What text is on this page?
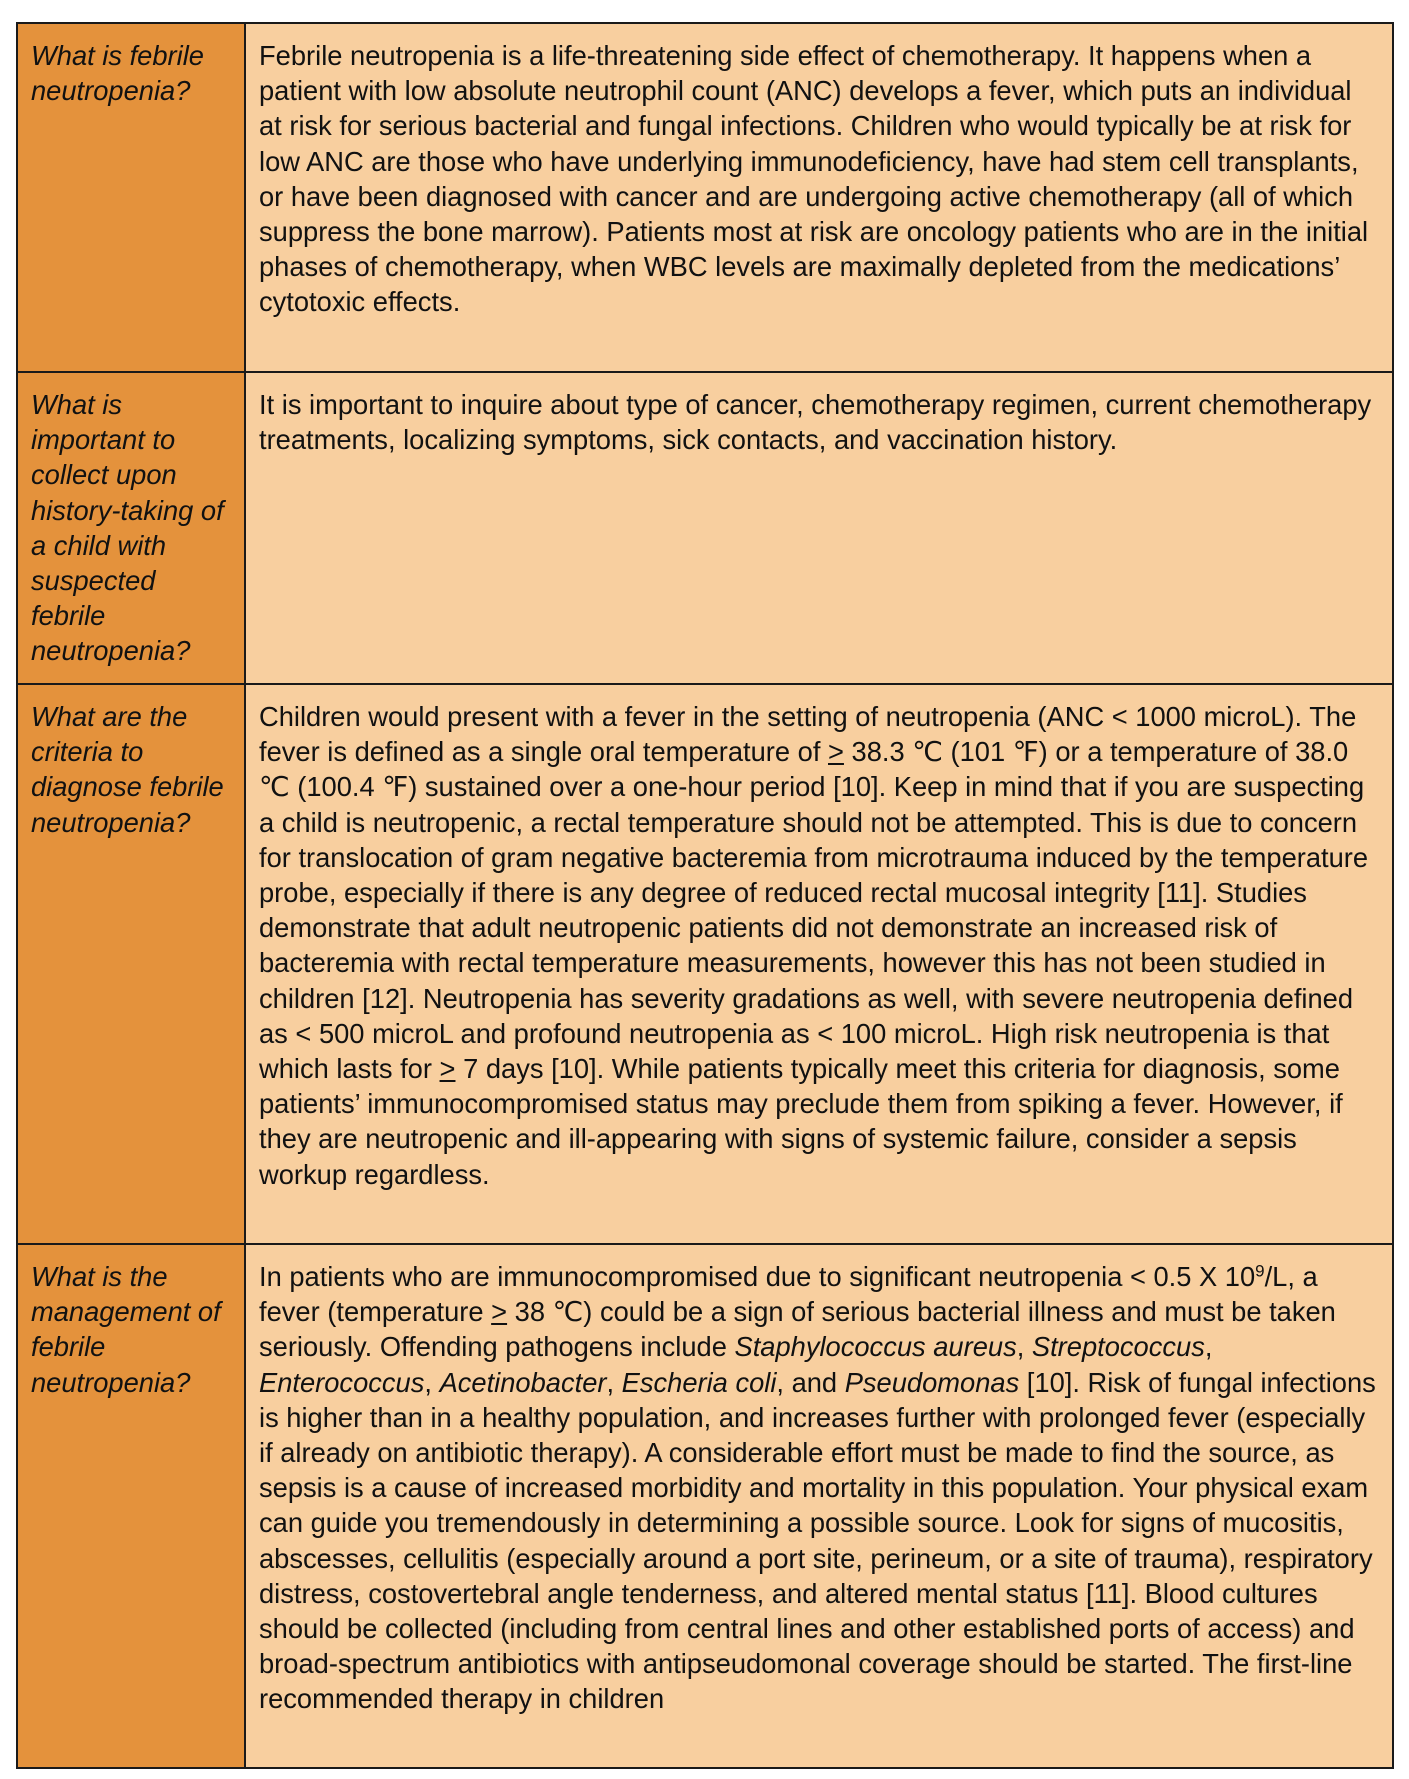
What is febrile neutropenia?	Febrile neutropenia is a life-threatening side effect of chemotherapy. It happens when a patient with low absolute neutrophil count (ANC) develops a fever, which puts an individual at risk for serious bacterial and fungal infections. Children who would typically be at risk for low ANC are those who have underlying immunodeficiency, have had stem cell transplants, or have been diagnosed with cancer and are undergoing active chemotherapy (all of which suppress the bone marrow). Patients most at risk are oncology patients who are in the initial phases of chemotherapy, when WBC levels are maximally depleted from the medications’ cytotoxic effects.

What is important to collect upon history-taking of a child with suspected febrile neutropenia?	It is important to inquire about type of cancer, chemotherapy regimen, current chemotherapy treatments, localizing symptoms, sick contacts, and vaccination history.

What are the criteria to diagnose febrile neutropenia?	Children would present with a fever in the setting of neutropenia (ANC < 1000 microL). The fever is defined as a single oral temperature of ≥ 38.3 ℃ (101 ℉) or a temperature of 38.0 ℃ (100.4 ℉) sustained over a one-hour period [10]. Keep in mind that if you are suspecting a child is neutropenic, a rectal temperature should not be attempted. This is due to concern for translocation of gram negative bacteremia from microtrauma induced by the temperature probe, especially if there is any degree of reduced rectal mucosal integrity [11]. Studies demonstrate that adult neutropenic patients did not demonstrate an increased risk of bacteremia with rectal temperature measurements, however this has not been studied in children [12]. Neutropenia has severity gradations as well, with severe neutropenia defined as < 500 microL and profound neutropenia as < 100 microL. High risk neutropenia is that which lasts for ≥ 7 days [10]. While patients typically meet this criteria for diagnosis, some patients’ immunocompromised status may preclude them from spiking a fever. However, if they are neutropenic and ill-appearing with signs of systemic failure, consider a sepsis workup regardless.

What is the management of febrile neutropenia?	In patients who are immunocompromised due to significant neutropenia < 0.5 X $10^9/L$, a fever (temperature ≥ 38 ℃) could be a sign of serious bacterial illness and must be taken seriously. Offending pathogens include Staphylococcus aureus, Streptococcus, Enterococcus, Acetinobacter, Escheria coli, and Pseudomonas [10]. Risk of fungal infections is higher than in a healthy population, and increases further with prolonged fever (especially if already on antibiotic therapy). A considerable effort must be made to find the source, as sepsis is a cause of increased morbidity and mortality in this population. Your physical exam can guide you tremendously in determining a possible source. Look for signs of mucositis, abscesses, cellulitis (especially around a port site, perineum, or a site of trauma), respiratory distress, costovertebral angle tenderness, and altered mental status [11]. Blood cultures should be collected (including from central lines and other established ports of access) and broad-spectrum antibiotics with antipseudomonal coverage should be started. The first-line recommended therapy in children
